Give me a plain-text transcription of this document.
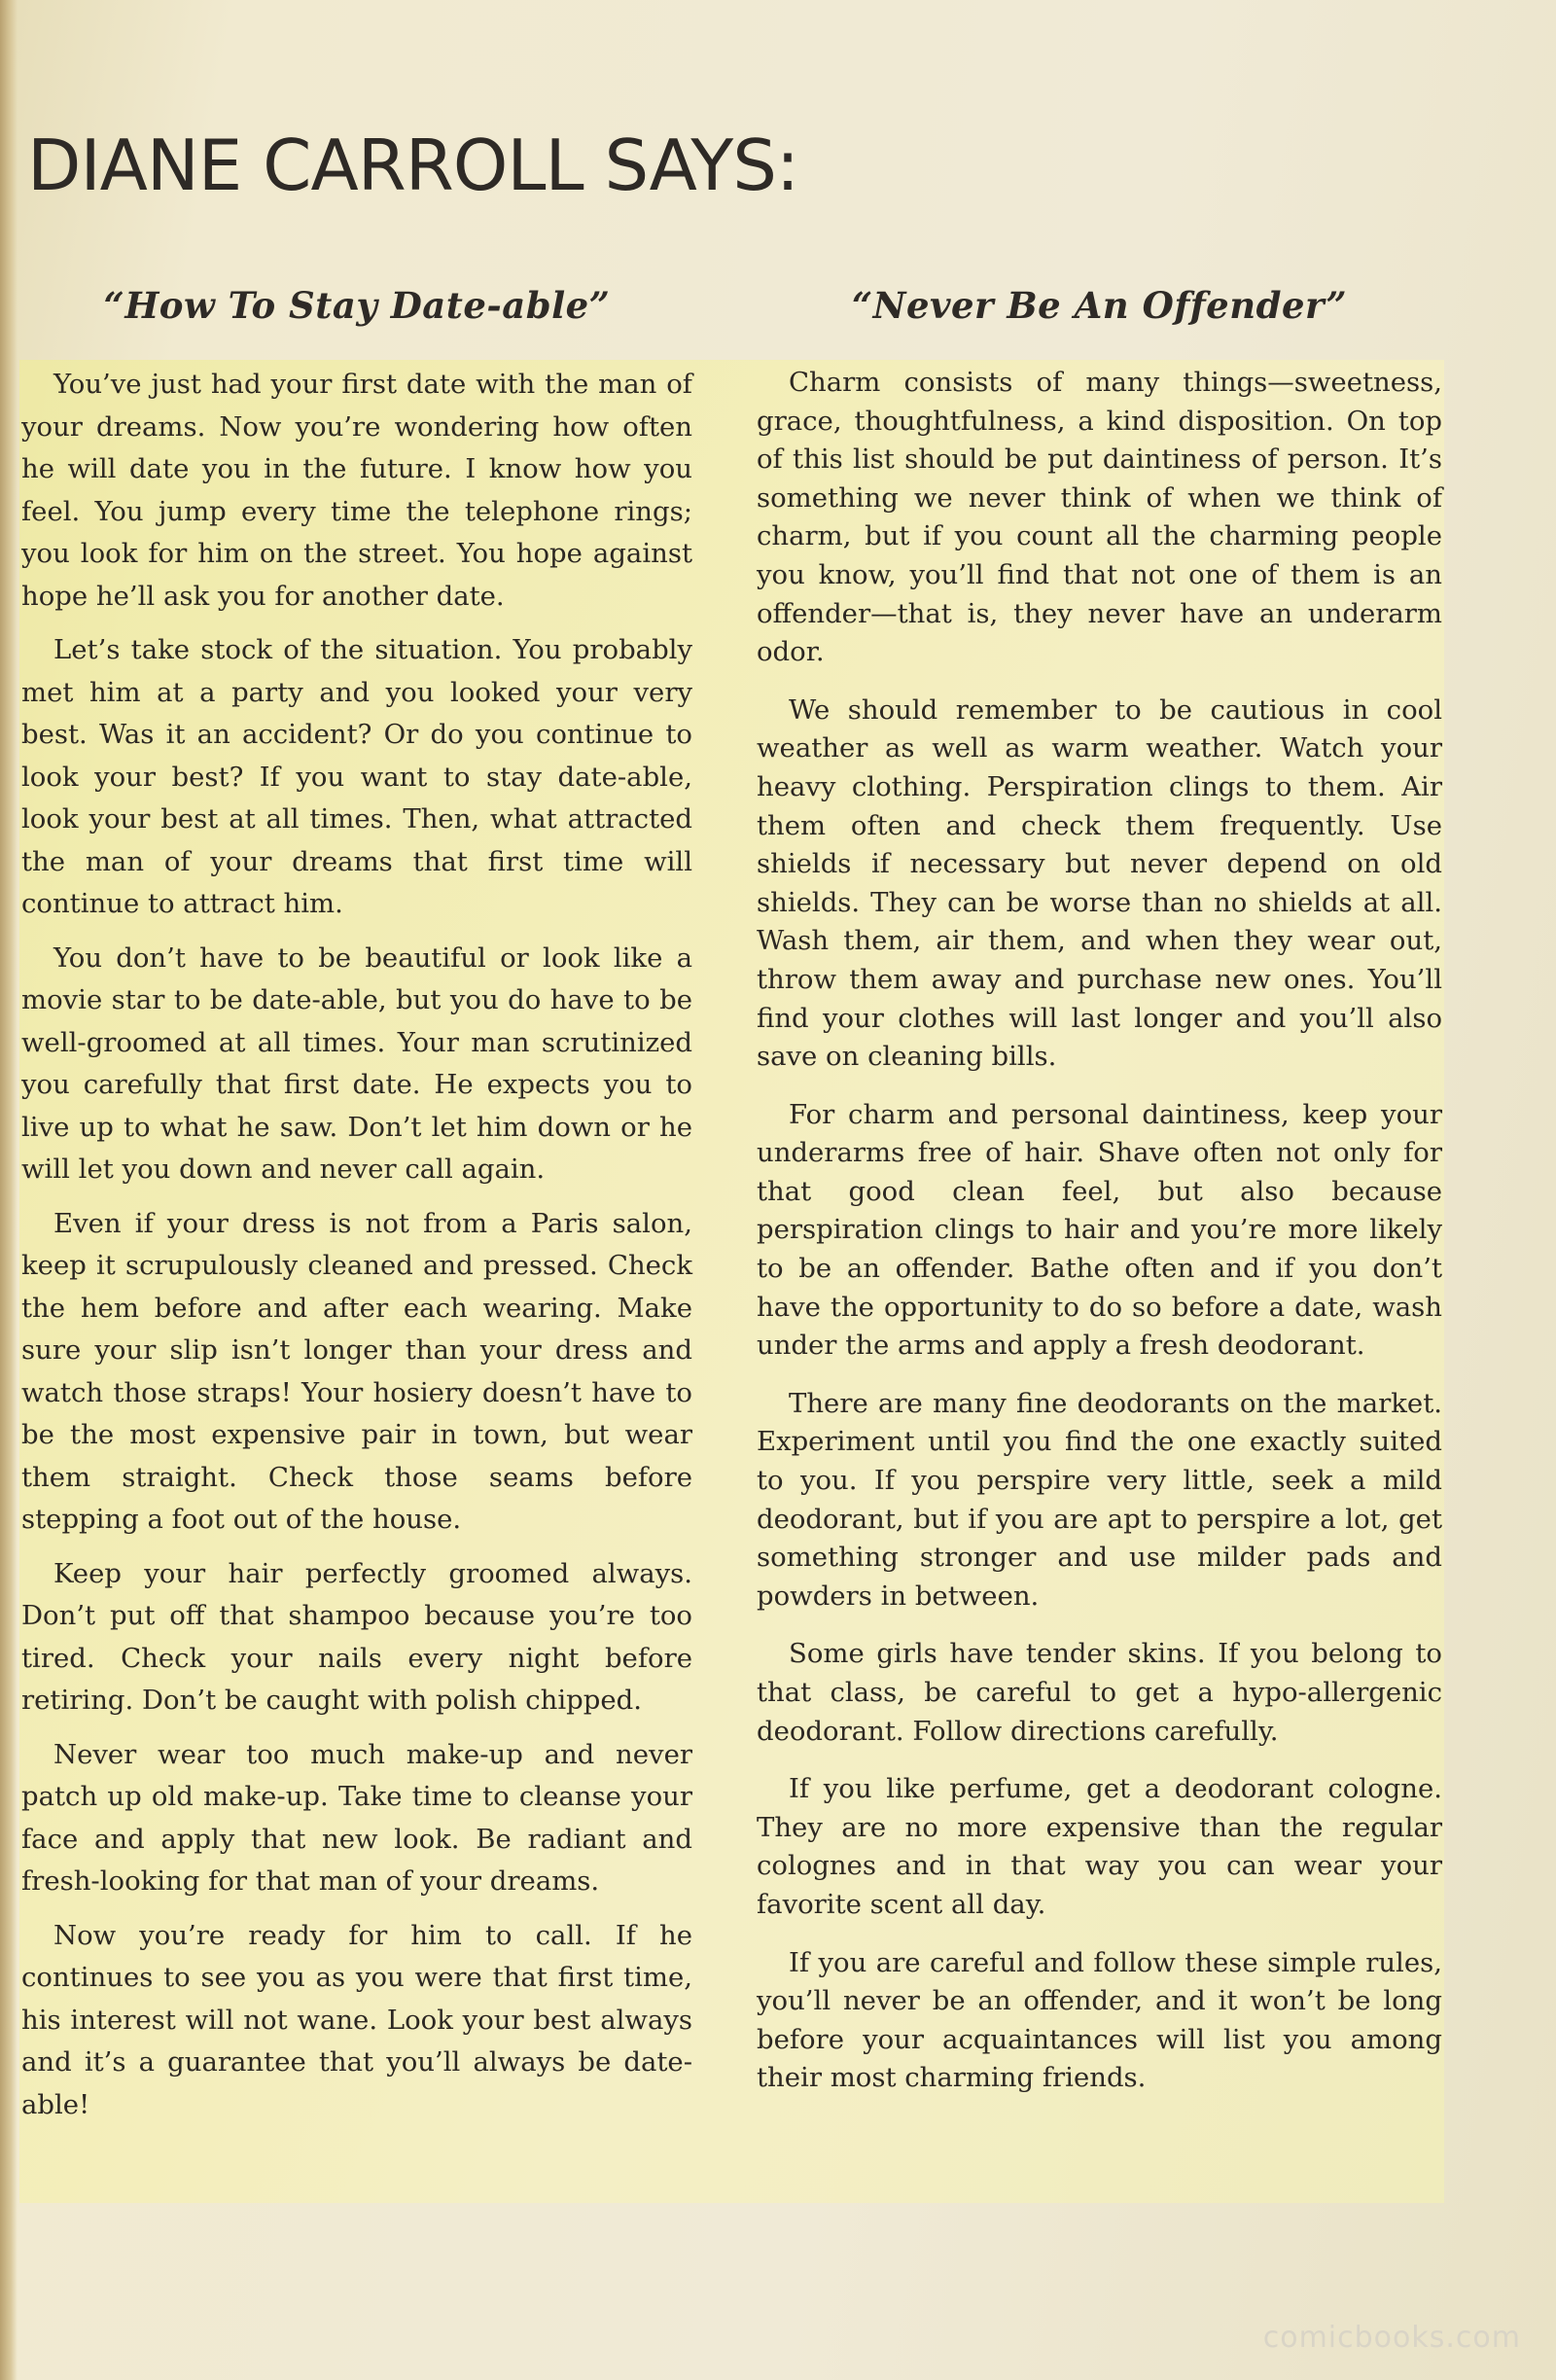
DIANE CARROLL SAYS:
“How To Stay Date-able”

You’ve just had your first date with the man of your dreams. Now you’re wondering how often he will date you in the future. I know how you feel. You jump every time the telephone rings; you look for him on the street. You hope against hope he’ll ask you for another date.

Let’s take stock of the situation. You probably met him at a party and you looked your very best. Was it an accident? Or do you continue to look your best? If you want to stay date-able, look your best at all times. Then, what attracted the man of your dreams that first time will continue to attract him.

You don’t have to be beautiful or look like a movie star to be date-able, but you do have to be well-groomed at all times. Your man scrutinized you carefully that first date. He expects you to live up to what he saw. Don’t let him down or he will let you down and never call again.

Even if your dress is not from a Paris salon, keep it scrupulously cleaned and pressed. Check the hem before and after each wearing. Make sure your slip isn’t longer than your dress and watch those straps! Your hosiery doesn’t have to be the most expensive pair in town, but wear them straight. Check those seams before stepping a foot out of the house.

Keep your hair perfectly groomed always. Don’t put off that shampoo because you’re too tired. Check your nails every night before retiring. Don’t be caught with polish chipped.

Never wear too much make-up and never patch up old make-up. Take time to cleanse your face and apply that new look. Be radiant and fresh-looking for that man of your dreams.

Now you’re ready for him to call. If he continues to see you as you were that first time, his interest will not wane. Look your best always and it’s a guarantee that you’ll always be date-able!

“Never Be An Offender”

Charm consists of many things—sweetness, grace, thoughtfulness, a kind disposition. On top of this list should be put daintiness of person. It’s something we never think of when we think of charm, but if you count all the charming people you know, you’ll find that not one of them is an offender—that is, they never have an underarm odor.

We should remember to be cautious in cool weather as well as warm weather. Watch your heavy clothing. Perspiration clings to them. Air them often and check them frequently. Use shields if necessary but never depend on old shields. They can be worse than no shields at all. Wash them, air them, and when they wear out, throw them away and purchase new ones. You’ll find your clothes will last longer and you’ll also save on cleaning bills.

For charm and personal daintiness, keep your underarms free of hair. Shave often not only for that good clean feel, but also because perspiration clings to hair and you’re more likely to be an offender. Bathe often and if you don’t have the opportunity to do so before a date, wash under the arms and apply a fresh deodorant.

There are many fine deodorants on the market. Experiment until you find the one exactly suited to you. If you perspire very little, seek a mild deodorant, but if you are apt to perspire a lot, get something stronger and use milder pads and powders in between.

Some girls have tender skins. If you belong to that class, be careful to get a hypo-allergenic deodorant. Follow directions carefully.

If you like perfume, get a deodorant cologne. They are no more expensive than the regular colognes and in that way you can wear your favorite scent all day.

If you are careful and follow these simple rules, you’ll never be an offender, and it won’t be long before your acquaintances will list you among their most charming friends.

comicbooks.com
